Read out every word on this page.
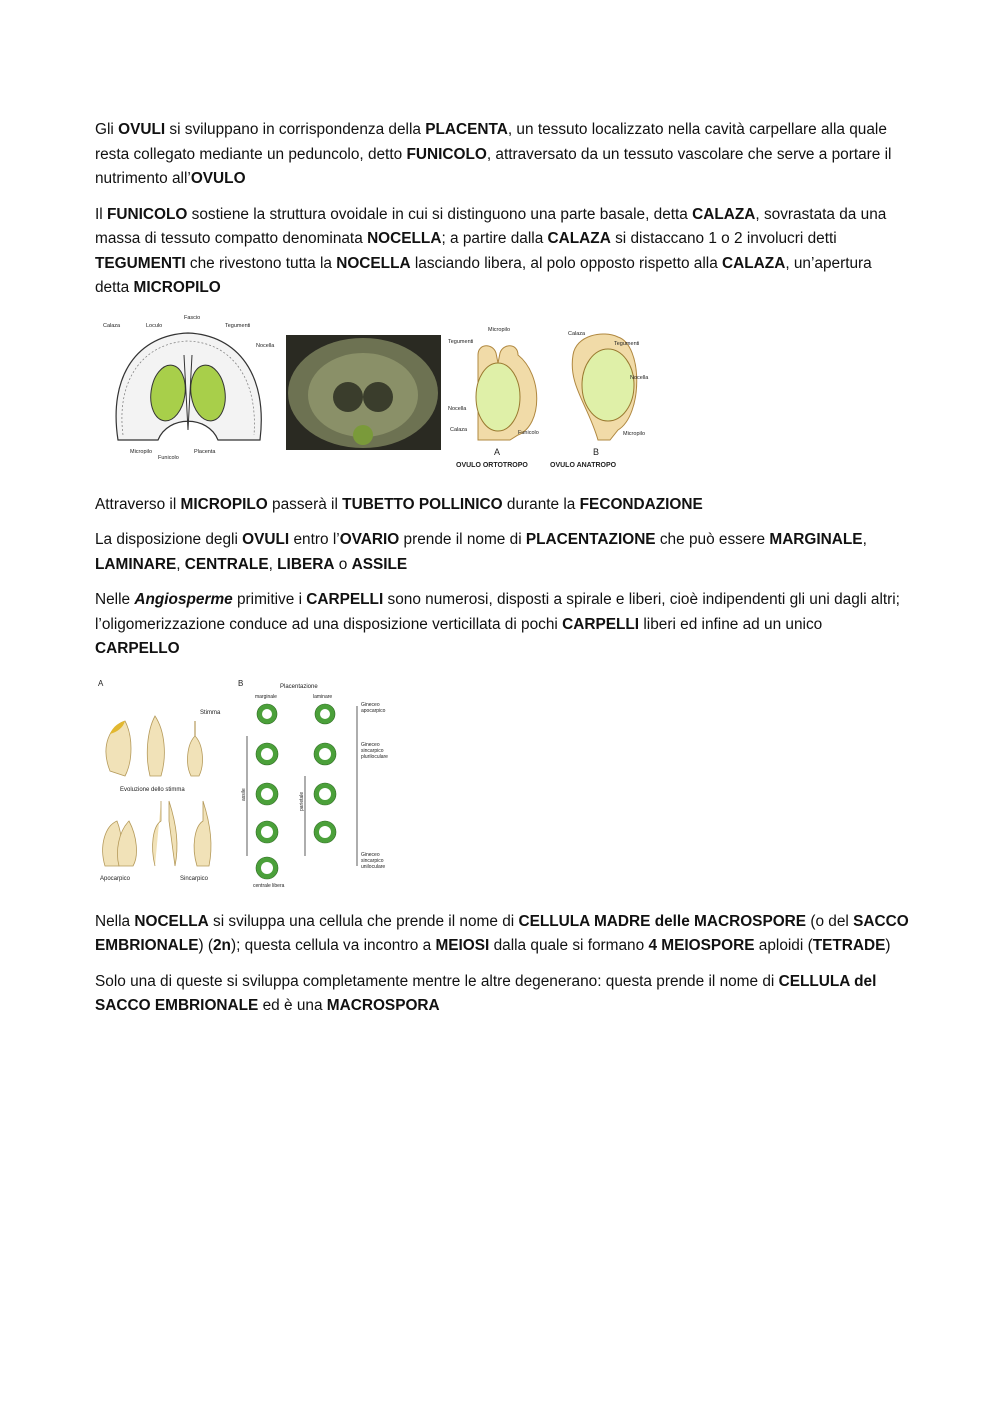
Gli OVULI si sviluppano in corrispondenza della PLACENTA, un tessuto localizzato nella cavità carpellare alla quale resta collegato mediante un peduncolo, detto FUNICOLO, attraversato da un tessuto vascolare che serve a portare il nutrimento all’OVULO

Il FUNICOLO sostiene la struttura ovoidale in cui si distinguono una parte basale, detta CALAZA, sovrastata da una massa di tessuto compatto denominata NOCELLA; a partire dalla CALAZA si distaccano 1 o 2 involucri detti TEGUMENTI che rivestono tutta la NOCELLA lasciando libera, al polo opposto rispetto alla CALAZA, un’apertura detta MICROPILO

Calaza	Loculo
Fascio
Tegumenti
Nocella
Micropilo
Funicolo
Placenta
Micropilo
Tegumenti
Nocella
Calaza	Funicolo
Calaza
Tegumenti
Nocella
Micropilo
A	B
OVULO ORTOTROPO	OVULO ANATROPO

Attraverso il MICROPILO passerà il TUBETTO POLLINICO durante la FECONDAZIONE

La disposizione degli OVULI entro l’OVARIO prende il nome di PLACENTAZIONE che può essere MARGINALE, LAMINARE, CENTRALE, LIBERA o ASSILE

Nelle Angiosperme primitive i CARPELLI sono numerosi, disposti a spirale e liberi, cioè indipendenti gli uni dagli altri; l’oligomerizzazione conduce ad una disposizione verticillata di pochi CARPELLI liberi ed infine ad un unico CARPELLO

A
Stimma
Evoluzione dello stimma
Apocarpico	Sincarpico
B	Placentazione
marginale	laminare
assile	parietale
centrale libera
Gineceo
apocarpico
Gineceo
sincarpico
pluriloculare
Gineceo
sincarpico
uniloculare

Nella NOCELLA si sviluppa una cellula che prende il nome di CELLULA MADRE delle MACROSPORE (o del SACCO EMBRIONALE) (2n); questa cellula va incontro a MEIOSI dalla quale si formano 4 MEIOSPORE aploidi (TETRADE)

Solo una di queste si sviluppa completamente mentre le altre degenerano: questa prende il nome di CELLULA del SACCO EMBRIONALE ed è una MACROSPORA
